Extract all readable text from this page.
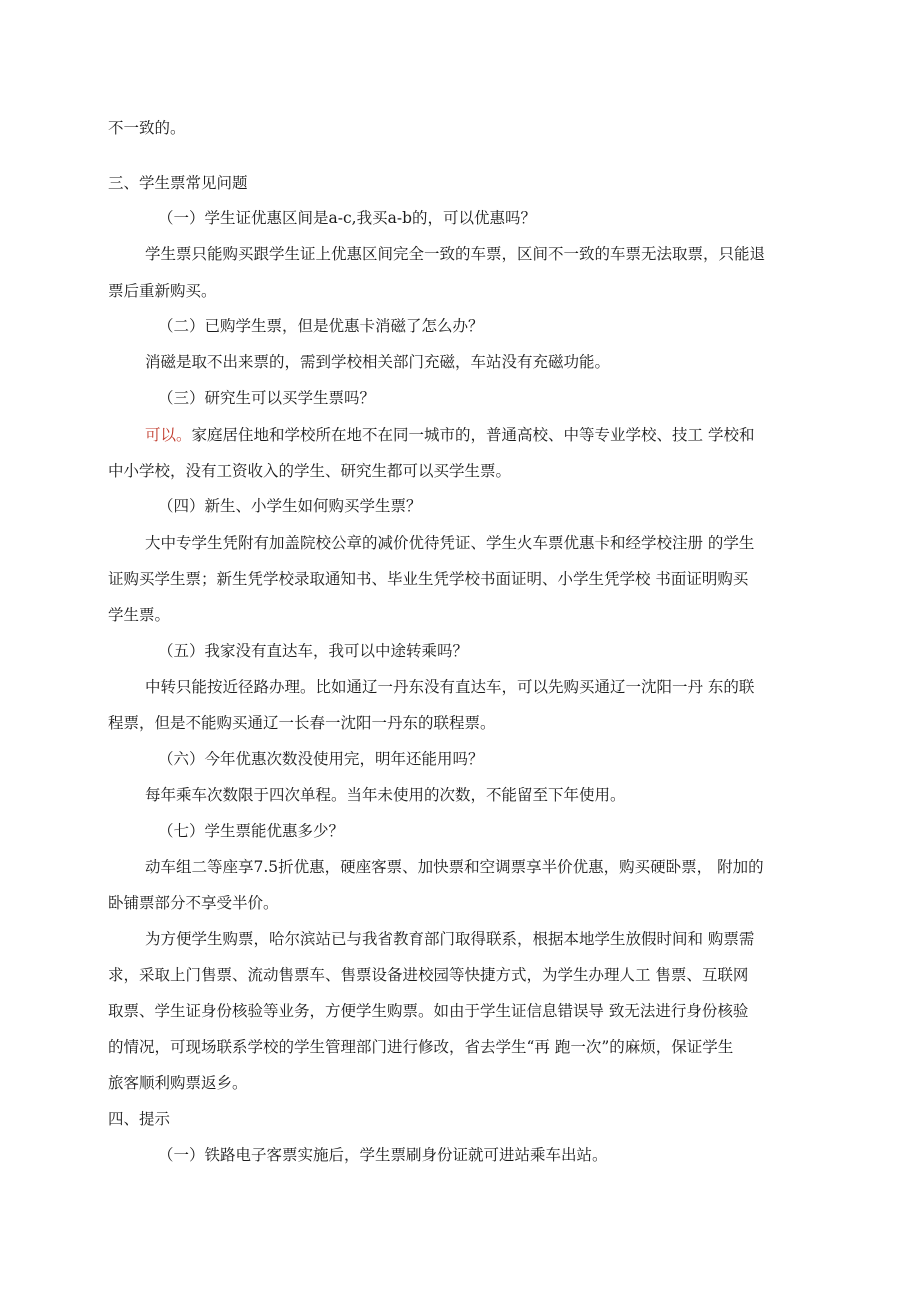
不一致的。

三、学生票常见问题

（一）学生证优惠区间是a-c,我买a-b的，可以优惠吗？

学生票只能购买跟学生证上优惠区间完全一致的车票，区间不一致的车票无法取票，只能退

票后重新购买。

（二）已购学生票，但是优惠卡消磁了怎么办？

消磁是取不出来票的，需到学校相关部门充磁，车站没有充磁功能。

（三）研究生可以买学生票吗？

可以。家庭居住地和学校所在地不在同一城市的，普通高校、中等专业学校、技工 学校和

中小学校，没有工资收入的学生、研究生都可以买学生票。

（四）新生、小学生如何购买学生票？

大中专学生凭附有加盖院校公章的减价优待凭证、学生火车票优惠卡和经学校注册 的学生

证购买学生票；新生凭学校录取通知书、毕业生凭学校书面证明、小学生凭学校 书面证明购买

学生票。

（五）我家没有直达车，我可以中途转乘吗？

中转只能按近径路办理。比如通辽一丹东没有直达车，可以先购买通辽一沈阳一丹 东的联

程票，但是不能购买通辽一长春一沈阳一丹东的联程票。

（六）今年优惠次数没使用完，明年还能用吗？

每年乘车次数限于四次单程。当年未使用的次数，不能留至下年使用。

（七）学生票能优惠多少？

动车组二等座享7.5折优惠，硬座客票、加快票和空调票享半价优惠，购买硬卧票， 附加的

卧铺票部分不享受半价。

为方便学生购票，哈尔滨站已与我省教育部门取得联系，根据本地学生放假时间和 购票需

求，采取上门售票、流动售票车、售票设备进校园等快捷方式，为学生办理人工 售票、互联网

取票、学生证身份核验等业务，方便学生购票。如由于学生证信息错误导 致无法进行身份核验

的情况，可现场联系学校的学生管理部门进行修改，省去学生“再 跑一次”的麻烦，保证学生

旅客顺利购票返乡。

四、提示

（一）铁路电子客票实施后，学生票刷身份证就可进站乘车出站。
